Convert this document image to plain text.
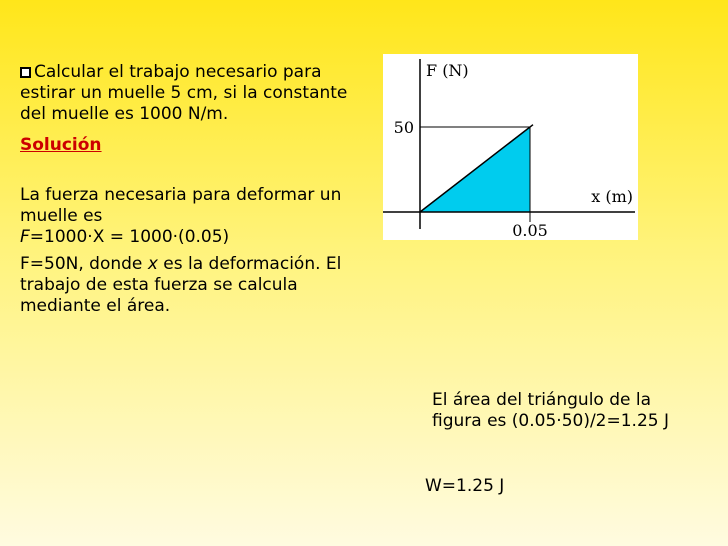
Calcular el trabajo necesario para estirar un muelle 5 cm, si la constante del muelle es 1000 N/m.

Solución

La fuerza necesaria para deformar un muelle es
F=1000·X = 1000·(0.05)

F=50N, donde x es la deformación. El trabajo de esta fuerza se calcula mediante el área.

F (N)
x (m)
50
0.05
El área del triángulo de la figura es (0.05·50)/2=1.25 J
W=1.25 J
